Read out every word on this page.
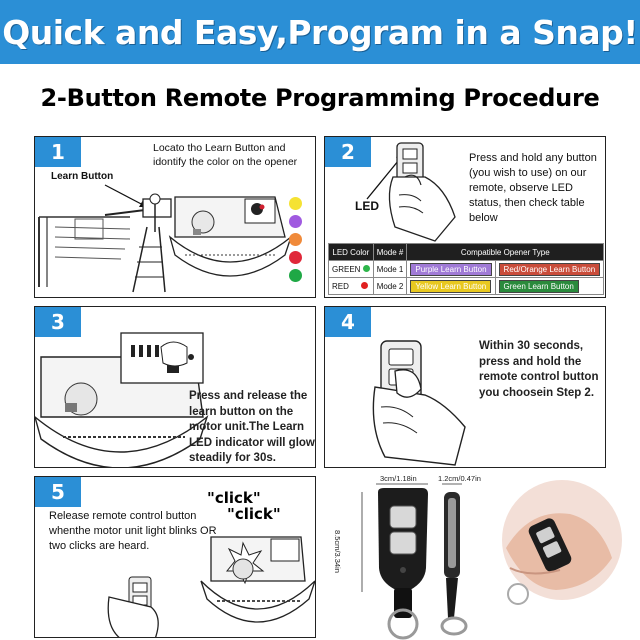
Quick and Easy,Program in a Snap!
2-Button Remote Programming Procedure
1	Locato tho Learn Button and idontify the color on the opener
Learn Button
2	Press and hold any button (you wish to use) on our remote, observe LED status, then check table below
LED
LED Color	Mode #	Compatible Opener Type	
GREEN	Mode 1	Purple Learn Button	Red/Orange Learn Button
RED	Mode 2	Yellow Learn Button	Green Learn Button
3
Press and release the learn button on the motor unit.The Learn LED indicator will glow steadily for 30s.
4
Within 30 seconds, press and hold the remote control button you choosein Step 2.
5
Release remote control button whenthe motor unit light blinks OR two clicks are heard.
"click"
"click"
3cm/1.18in	1.2cm/0.47in
8.5cm/3.34in
